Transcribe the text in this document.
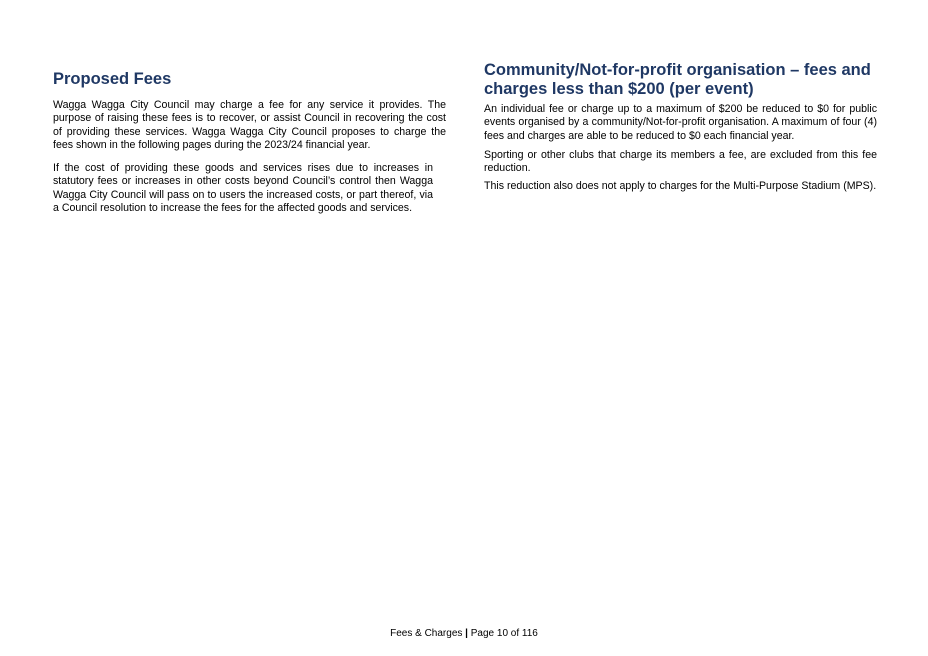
Proposed Fees

Wagga Wagga City Council may charge a fee for any service it provides. The purpose of raising these fees is to recover, or assist Council in recovering the cost of providing these services. Wagga Wagga City Council proposes to charge the fees shown in the following pages during the 2023/24 financial year.

If the cost of providing these goods and services rises due to increases in statutory fees or increases in other costs beyond Council’s control then Wagga Wagga City Council will pass on to users the increased costs, or part thereof, via a Council resolution to increase the fees for the affected goods and services.

Community/Not-for-profit organisation – fees and charges less than $200 (per event)

An individual fee or charge up to a maximum of $200 be reduced to $0 for public events organised by a community/Not-for-profit organisation. A maximum of four (4) fees and charges are able to be reduced to $0 each financial year.

Sporting or other clubs that charge its members a fee, are excluded from this fee reduction.

This reduction also does not apply to charges for the Multi-Purpose Stadium (MPS).

Fees & Charges | Page 10 of 116
